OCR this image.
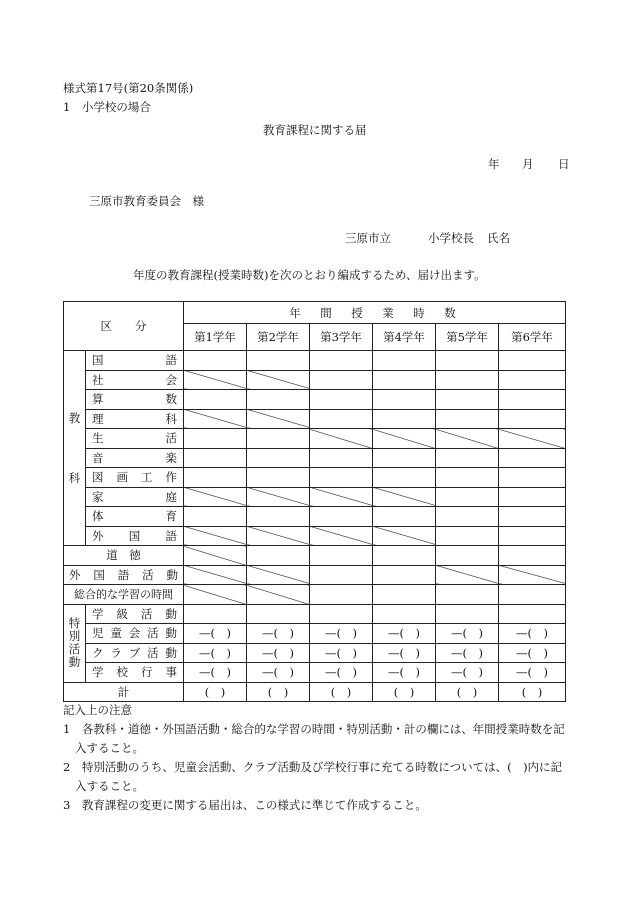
様式第17号(第20条関係)
1　小学校の場合
教育課程に関する届
年 月 日
三原市教育委員会　様
三原市立	小学校長 氏名
年度の教育課程(授業時数)を次のとおり編成するため、届け出ます。
区　　分		年　間　授　業　時　数					
		第1学年	第2学年	第3学年	第4学年	第5学年	第6学年

教
科	国語						
	社会						
	算数						
	理科						
	生活						
	音楽						
	図画工作						
	家庭						
	体育						
	外国語						
道　徳							
外国語活動							
総合的な学習の時間							

特
別
活
動	学級活動						
	児童会活動	—(　)	—(　)	—(　)	—(　)	—(　)	—(　)
	クラブ活動	—(　)	—(　)	—(　)	—(　)	—(　)	—(　)
	学校行事	—(　)	—(　)	—(　)	—(　)	—(　)	—(　)
計		(　)	(　)	(　)	(　)	(　)	(　)
記入上の注意
1　各教科・道徳・外国語活動・総合的な学習の時間・特別活動・計の欄には、年間授業時数を記入すること。
2　特別活動のうち、児童会活動、クラブ活動及び学校行事に充てる時数については、(　)内に記入すること。
3　教育課程の変更に関する届出は、この様式に準じて作成すること。
